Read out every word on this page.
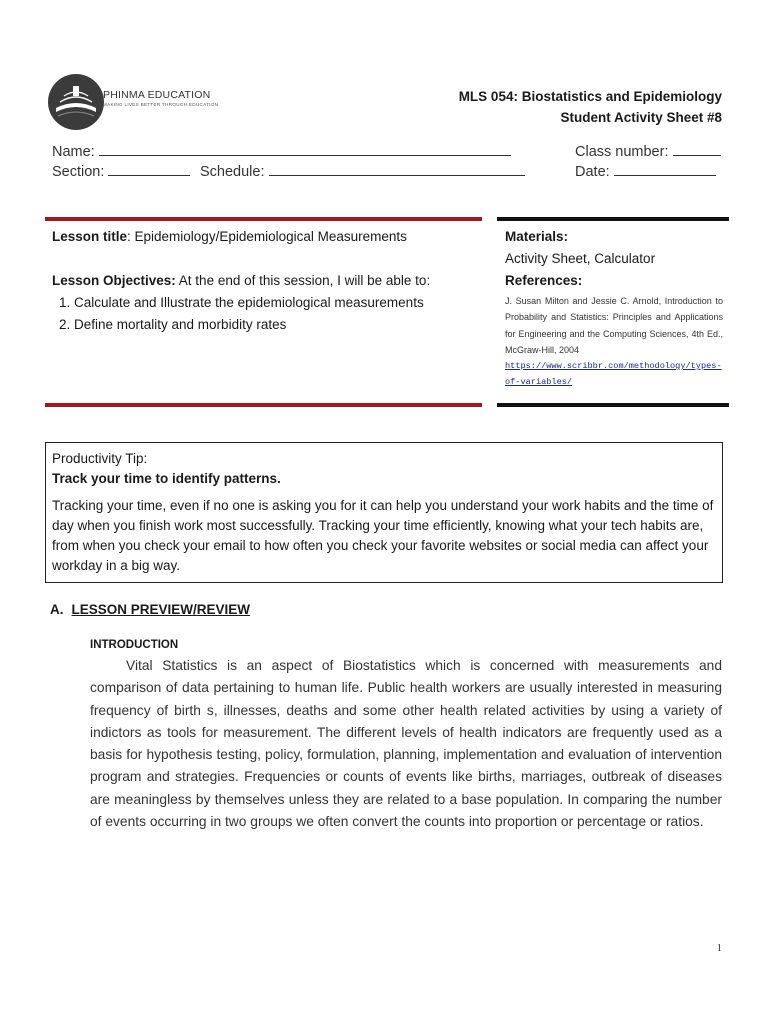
PHINMA EDUCATION
MAKING LIVES BETTER THROUGH EDUCATION
MLS 054: Biostatistics and Epidemiology
Student Activity Sheet #8
Name:	Class number:
Section:	Schedule:	Date:
Lesson title: Epidemiology/Epidemiological Measurements
Lesson Objectives: At the end of this session, I will be able to:
1. Calculate and Illustrate the epidemiological measurements
2. Define mortality and morbidity rates
Materials:
Activity Sheet, Calculator
References:
J. Susan Milton and Jessie C. Arnold, Introduction to Probability and Statistics: Principles and Applications for Engineering and the Computing Sciences, 4th Ed., McGraw-Hill, 2004
https://www.scribbr.com/methodology/types-of-variables/

Productivity Tip:

Track your time to identify patterns.

Tracking your time, even if no one is asking you for it can help you understand your work habits and the time of day when you finish work most successfully. Tracking your time efficiently, knowing what your tech habits are, from when you check your email to how often you check your favorite websites or social media can affect your workday in a big way.

A. LESSON PREVIEW/REVIEW
INTRODUCTION
Vital Statistics is an aspect of Biostatistics which is concerned with measurements and comparison of data pertaining to human life. Public health workers are usually interested in measuring frequency of birth s, illnesses, deaths and some other health related activities by using a variety of indictors as tools for measurement. The different levels of health indicators are frequently used as a basis for hypothesis testing, policy, formulation, planning, implementation and evaluation of intervention program and strategies. Frequencies or counts of events like births, marriages, outbreak of diseases are meaningless by themselves unless they are related to a base population. In comparing the number of events occurring in two groups we often convert the counts into proportion or percentage or ratios.
1
